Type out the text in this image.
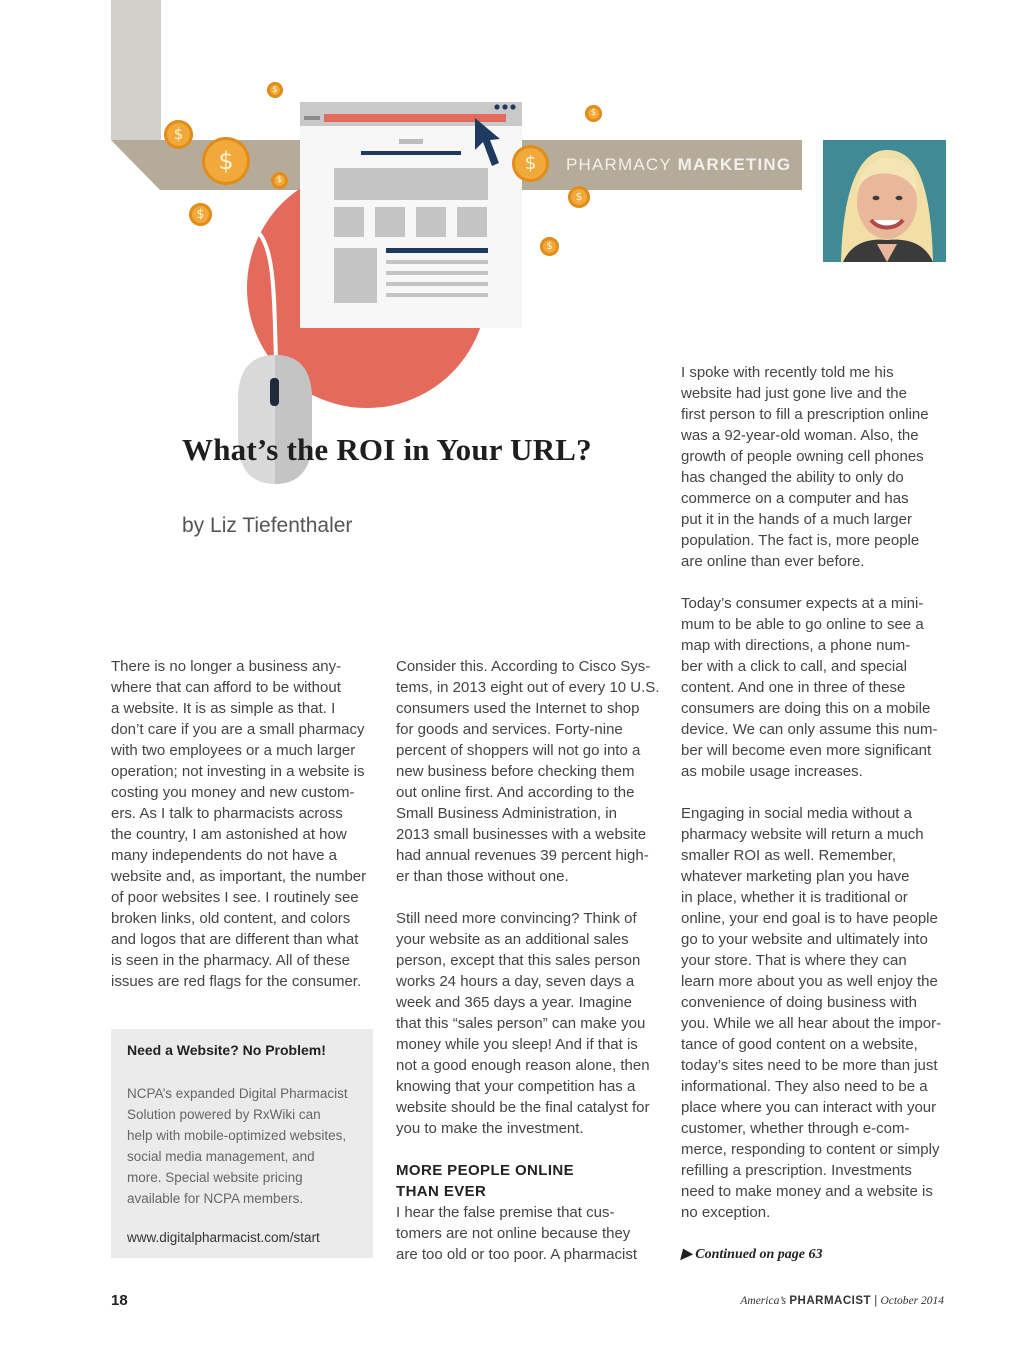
$
$
$
$
$
$
$
$
$
PHARMACY MARKETING
What’s the ROI in Your URL?
by Liz Tiefenthaler

There is no longer a business any-
where that can afford to be without
a website. It is as simple as that. I
don’t care if you are a small pharmacy
with two employees or a much larger
operation; not investing in a website is
costing you money and new custom-
ers. As I talk to pharmacists across
the country, I am astonished at how
many independents do not have a
website and, as important, the number
of poor websites I see. I routinely see
broken links, old content, and colors
and logos that are different than what
is seen in the pharmacy. All of these
issues are red flags for the consumer.

Need a Website? No Problem!
NCPA’s expanded Digital Pharmacist
Solution powered by RxWiki can
help with mobile-optimized websites,
social media management, and
more. Special website pricing
available for NCPA members.
www.digitalpharmacist.com/start

Consider this. According to Cisco Sys-
tems, in 2013 eight out of every 10 U.S.
consumers used the Internet to shop
for goods and services. Forty-nine
percent of shoppers will not go into a
new business before checking them
out online first. And according to the
Small Business Administration, in
2013 small businesses with a website
had annual revenues 39 percent high-
er than those without one.

Still need more convincing? Think of
your website as an additional sales
person, except that this sales person
works 24 hours a day, seven days a
week and 365 days a year. Imagine
that this “sales person” can make you
money while you sleep! And if that is
not a good enough reason alone, then
knowing that your competition has a
website should be the final catalyst for
you to make the investment.

MORE PEOPLE ONLINE
THAN EVER

I hear the false premise that cus-
tomers are not online because they
are too old or too poor. A pharmacist

I spoke with recently told me his
website had just gone live and the
first person to fill a prescription online
was a 92-year-old woman. Also, the
growth of people owning cell phones
has changed the ability to only do
commerce on a computer and has
put it in the hands of a much larger
population. The fact is, more people
are online than ever before.

Today’s consumer expects at a mini-
mum to be able to go online to see a
map with directions, a phone num-
ber with a click to call, and special
content. And one in three of these
consumers are doing this on a mobile
device. We can only assume this num-
ber will become even more significant
as mobile usage increases.

Engaging in social media without a
pharmacy website will return a much
smaller ROI as well. Remember,
whatever marketing plan you have
in place, whether it is traditional or
online, your end goal is to have people
go to your website and ultimately into
your store. That is where they can
learn more about you as well enjoy the
convenience of doing business with
you. While we all hear about the impor-
tance of good content on a website,
today’s sites need to be more than just
informational. They also need to be a
place where you can interact with your
customer, whether through e-com-
merce, responding to content or simply
refilling a prescription. Investments
need to make money and a website is
no exception.

▶ Continued on page 63
18	America’s PHARMACIST | October 2014
